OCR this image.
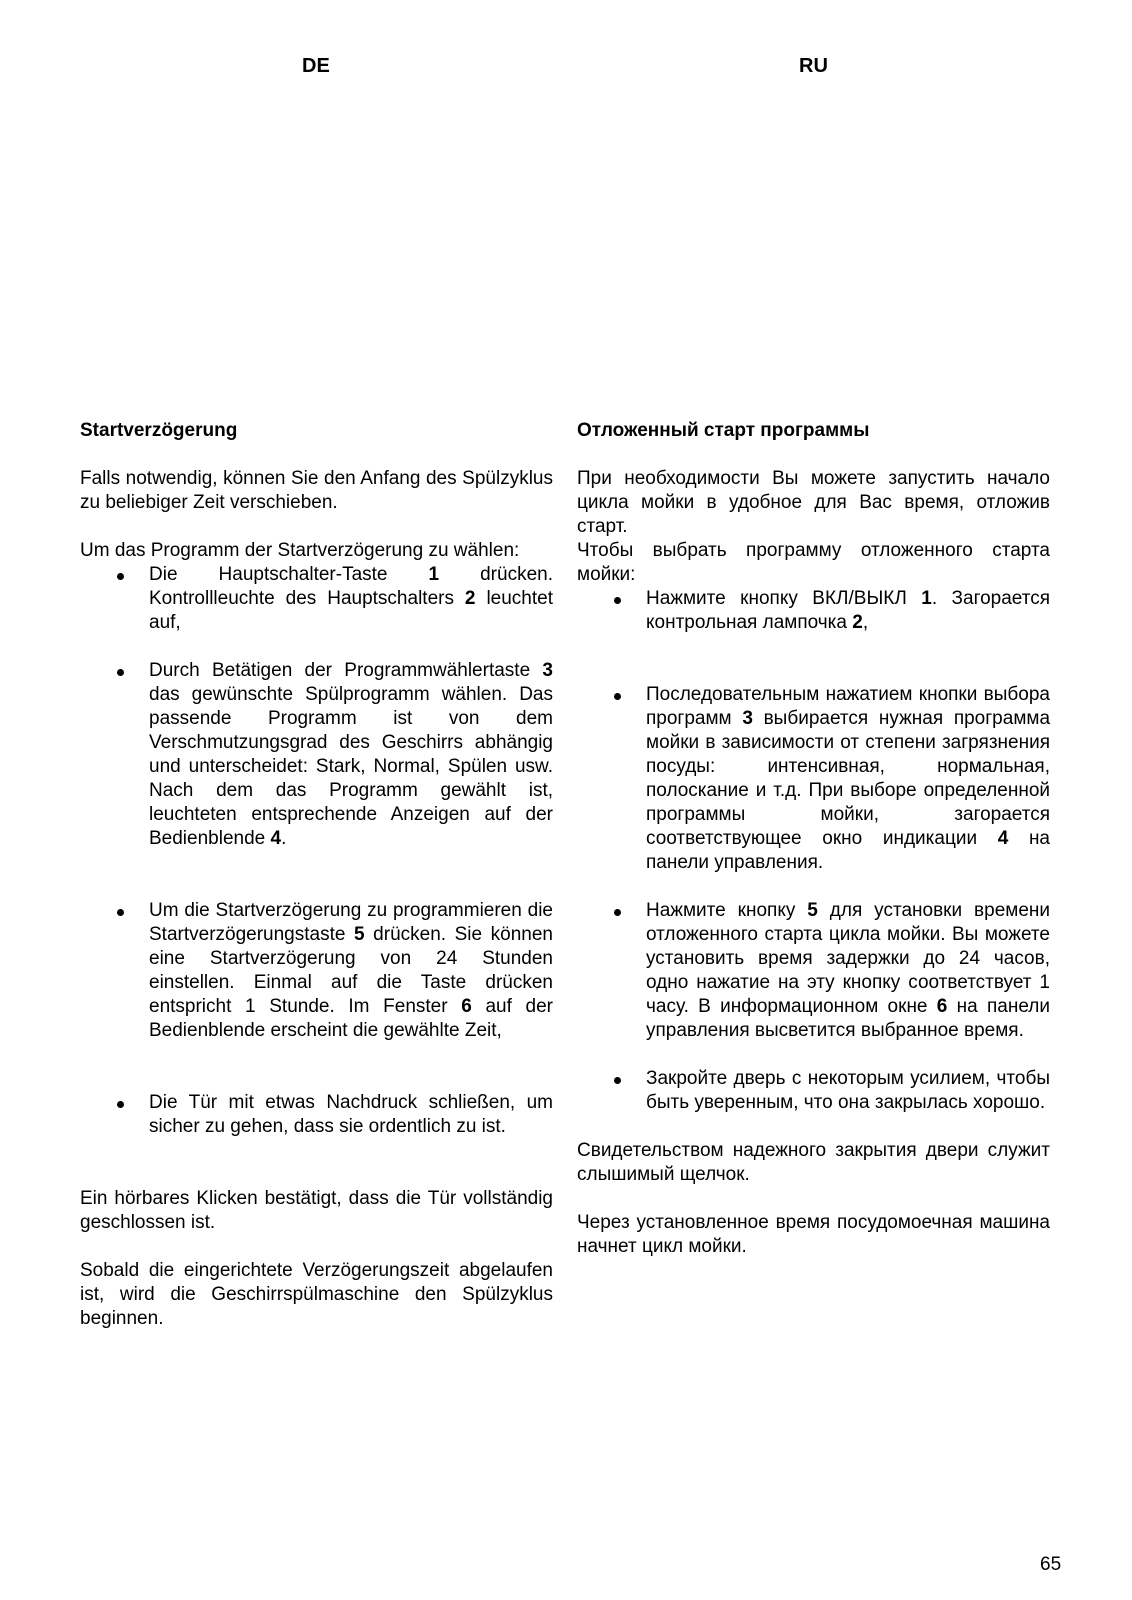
DE	RU
Startverzögerung

Falls notwendig, können Sie den Anfang des Spülzyklus zu beliebiger Zeit verschieben.

Um das Programm der Startverzögerung zu wählen:

Die Hauptschalter-Taste 1 drücken. Kontrollleuchte des Hauptschalters 2 leuchtet auf,
Durch Betätigen der Programmwählertaste 3 das gewünschte Spülprogramm wählen. Das passende Programm ist von dem Verschmutzungsgrad des Geschirrs abhängig und unterscheidet: Stark, Normal, Spülen usw. Nach dem das Programm gewählt ist, leuchteten entsprechende Anzeigen auf der Bedienblende 4.
Um die Startverzögerung zu programmieren die Startverzögerungstaste 5 drücken. Sie können eine Startverzögerung von 24 Stunden einstellen. Einmal auf die Taste drücken entspricht 1 Stunde. Im Fenster 6 auf der Bedienblende erscheint die gewählte Zeit,
Die Tür mit etwas Nachdruck schließen, um sicher zu gehen, dass sie ordentlich zu ist.

Ein hörbares Klicken bestätigt, dass die Tür vollständig geschlossen ist.

Sobald die eingerichtete Verzögerungszeit abgelaufen ist, wird die Geschirrspülmaschine den Spülzyklus beginnen.

Отложенный старт программы

При необходимости Вы можете запустить начало цикла мойки в удобное для Вас время, отложив старт.

Чтобы выбрать программу отложенного старта мойки:

Нажмите кнопку ВКЛ/ВЫКЛ 1. Загорается контрольная лампочка 2,
Последовательным нажатием кнопки выбора программ 3 выбирается нужная программа мойки в зависимости от степени загрязнения посуды: интенсивная, нормальная, полоскание и т.д. При выборе определенной программы мойки, загорается соответствующее окно индикации 4 на панели управления.
Нажмите кнопку 5 для установки времени отложенного старта цикла мойки. Вы можете установить время задержки до 24 часов, одно нажатие на эту кнопку соответствует 1 часу. В информационном окне 6 на панели управления высветится выбранное время.
Закройте дверь с некоторым усилием, чтобы быть уверенным, что она закрылась хорошо.

Свидетельством надежного закрытия двери служит слышимый щелчок.

Через установленное время посудомоечная машина начнет цикл мойки.

65
